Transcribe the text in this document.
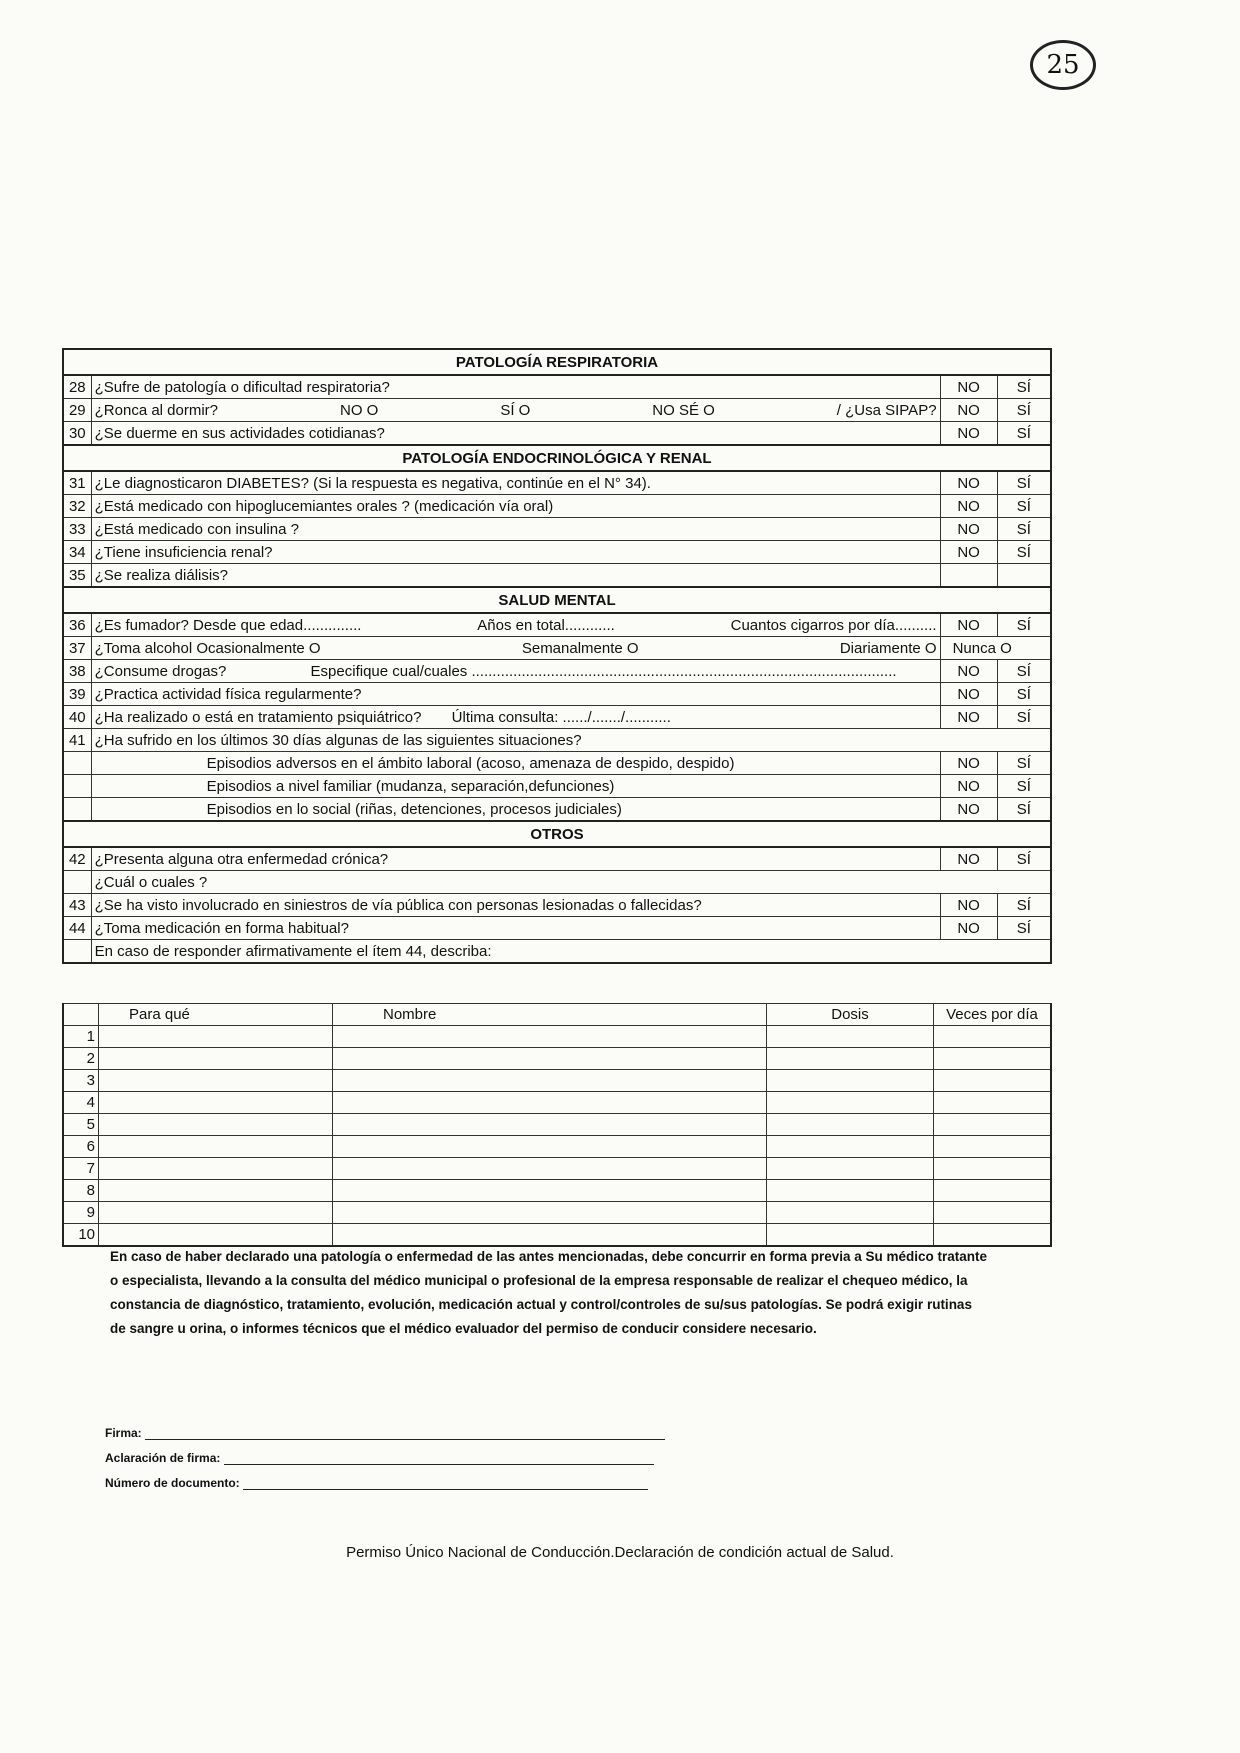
25
PATOLOGÍA RESPIRATORIA			
28	¿Sufre de patología o dificultad respiratoria?	NO	SÍ
29	¿Ronca al dormir? NO O SÍ O NO SÉ O / ¿Usa SIPAP?	NO	SÍ
30	¿Se duerme en sus actividades cotidianas?	NO	SÍ
PATOLOGÍA ENDOCRINOLÓGICA Y RENAL			
31	¿Le diagnosticaron DIABETES? (Si la respuesta es negativa, continúe en el N° 34).	NO	SÍ
32	¿Está medicado con hipoglucemiantes orales ? (medicación vía oral)	NO	SÍ
33	¿Está medicado con insulina ?	NO	SÍ
34	¿Tiene insuficiencia renal?	NO	SÍ
35	¿Se realiza diálisis?		
SALUD MENTAL			
36	¿Es fumador? Desde que edad.............. Años en total............ Cuantos cigarros por día..........	NO	SÍ
37	¿Toma alcohol Ocasionalmente O Semanalmente O Diariamente O	Nunca O	
38	¿Consume drogas? Especifique cual/cuales ......................................................................................................	NO	SÍ
39	¿Practica actividad física regularmente?	NO	SÍ
40	¿Ha realizado o está en tratamiento psiquiátrico? Última consulta: ....../......./...........	NO	SÍ
41	¿Ha sufrido en los últimos 30 días algunas de las siguientes situaciones?		
	Episodios adversos en el ámbito laboral (acoso, amenaza de despido, despido)	NO	SÍ
	Episodios a nivel familiar (mudanza, separación,defunciones)	NO	SÍ
	Episodios en lo social (riñas, detenciones, procesos judiciales)	NO	SÍ
OTROS			
42	¿Presenta alguna otra enfermedad crónica?	NO	SÍ
	¿Cuál o cuales ?		
43	¿Se ha visto involucrado en siniestros de vía pública con personas lesionadas o fallecidas?	NO	SÍ
44	¿Toma medicación en forma habitual?	NO	SÍ
	En caso de responder afirmativamente el ítem 44, describa:		
	Para qué	Nombre	Dosis	Veces por día
1				
2				
3				
4				
5				
6				
7				
8				
9				
10				
En caso de haber declarado una patología o enfermedad de las antes mencionadas, debe concurrir en forma previa a Su médico tratante o especialista, llevando a la consulta del médico municipal o profesional de la empresa responsable de realizar el chequeo médico, la constancia de diagnóstico, tratamiento, evolución, medicación actual y control/controles de su/sus patologías. Se podrá exigir rutinas de sangre u orina, o informes técnicos que el médico evaluador del permiso de conducir considere necesario.
Firma:
Aclaración de firma:
Número de documento:
Permiso Único Nacional de Conducción.Declaración de condición actual de Salud.
